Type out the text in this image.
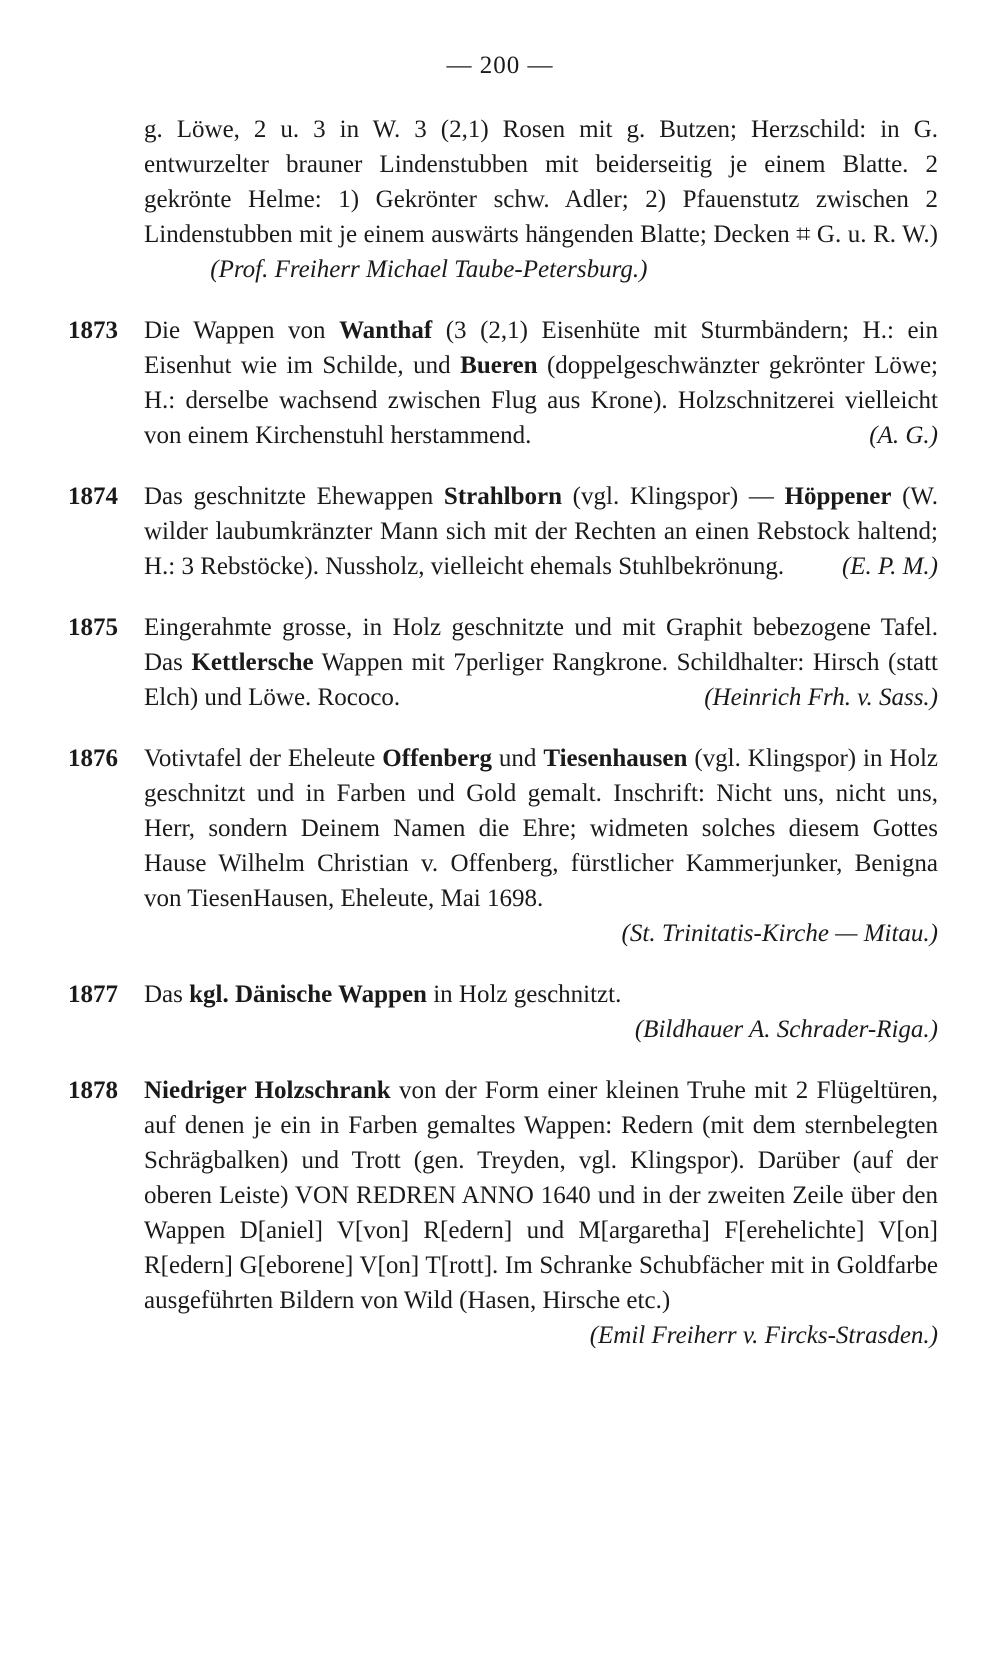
— 200 —
g. Löwe, 2 u. 3 in W. 3 (2,1) Rosen mit g. Butzen; Herzschild: in G. entwurzelter brauner Lindenstubben mit beiderseitig je einem Blatte. 2 gekrönte Helme: 1) Gekrönter schw. Adler; 2) Pfauenstutz zwischen 2 Lindenstubben mit je einem auswärts hängenden Blatte; Decken ⌗ G. u. R. W.)  (Prof. Freiherr Michael Taube-Petersburg.)
1873	Die Wappen von Wanthaf (3 (2,1) Eisenhüte mit Sturmbändern; H.: ein Eisenhut wie im Schilde, und Bueren (doppelgeschwänzter gekrönter Löwe; H.: derselbe wachsend zwischen Flug aus Krone). Holzschnitzerei vielleicht von einem Kirchenstuhl herstammend.	(A. G.)
1874	Das geschnitzte Ehewappen Strahlborn (vgl. Klingspor) — Höppener (W. wilder laubumkränzter Mann sich mit der Rechten an einen Rebstock haltend; H.: 3 Rebstöcke). Nussholz, vielleicht ehemals Stuhlbekrönung. (E. P. M.)
1875	Eingerahmte grosse, in Holz geschnitzte und mit Graphit bebezogene Tafel. Das Kettlersche Wappen mit 7perliger Rangkrone. Schildhalter: Hirsch (statt Elch) und Löwe. Rococo.	(Heinrich Frh. v. Sass.)
1876	Votivtafel der Eheleute Offenberg und Tiesenhausen (vgl. Klingspor) in Holz geschnitzt und in Farben und Gold gemalt. Inschrift: Nicht uns, nicht uns, Herr, sondern Deinem Namen die Ehre; widmeten solches diesem Gottes Hause Wilhelm Christian v. Offenberg, fürstlicher Kammerjunker, Benigna von TiesenHausen, Eheleute, Mai 1698.
(St. Trinitatis-Kirche — Mitau.)
1877	Das kgl. Dänische Wappen in Holz geschnitzt.
(Bildhauer A. Schrader-Riga.)
1878	Niedriger Holzschrank von der Form einer kleinen Truhe mit 2 Flügeltüren, auf denen je ein in Farben gemaltes Wappen: Redern (mit dem sternbelegten Schrägbalken) und Trott (gen. Treyden, vgl. Klingspor). Darüber (auf der oberen Leiste) VON REDREN ANNO 1640 und in der zweiten Zeile über den Wappen D[aniel] V[von] R[edern] und M[argaretha] F[erehelichte] V[on] R[edern] G[eborene] V[on] T[rott]. Im Schranke Schubfächer mit in Goldfarbe ausgeführten Bildern von Wild (Hasen, Hirsche etc.)
(Emil Freiherr v. Fircks-Strasden.)
